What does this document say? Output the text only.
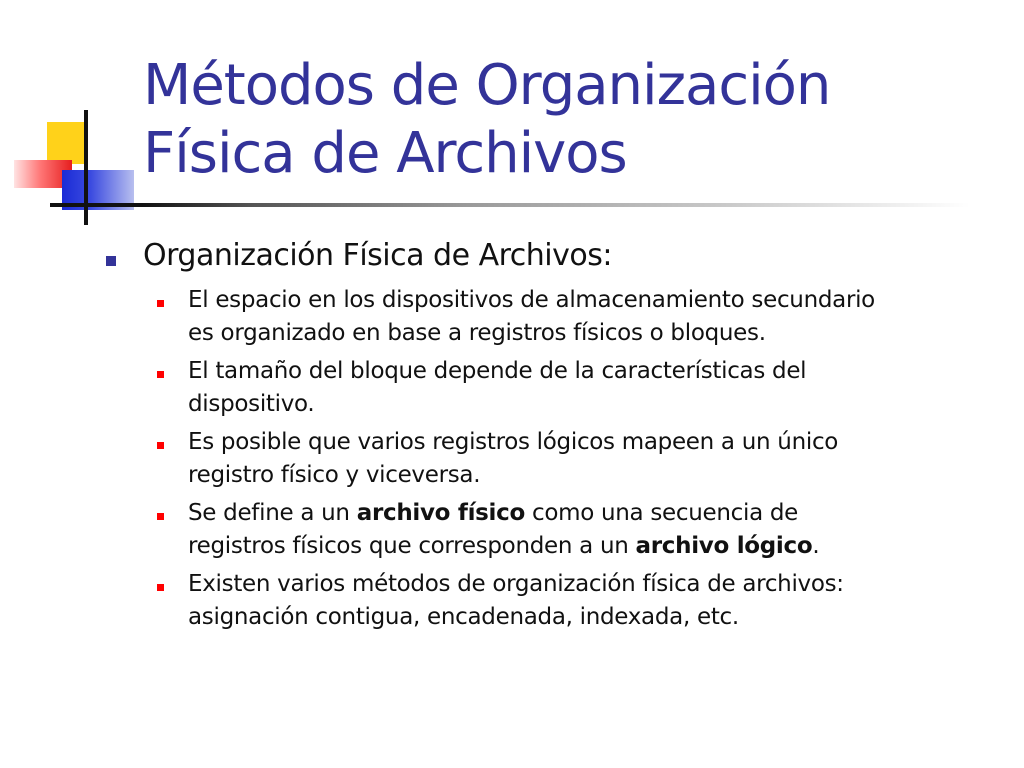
Métodos de Organización
Física de Archivos
Organización Física de Archivos:
El espacio en los dispositivos de almacenamiento secundario
es organizado en base a registros físicos o bloques.
El tamaño del bloque depende de la características del
dispositivo.
Es posible que varios registros lógicos mapeen a un único
registro físico y viceversa.
Se define a un archivo físico como una secuencia de
registros físicos que corresponden a un archivo lógico.
Existen varios métodos de organización física de archivos:
asignación contigua, encadenada, indexada, etc.
